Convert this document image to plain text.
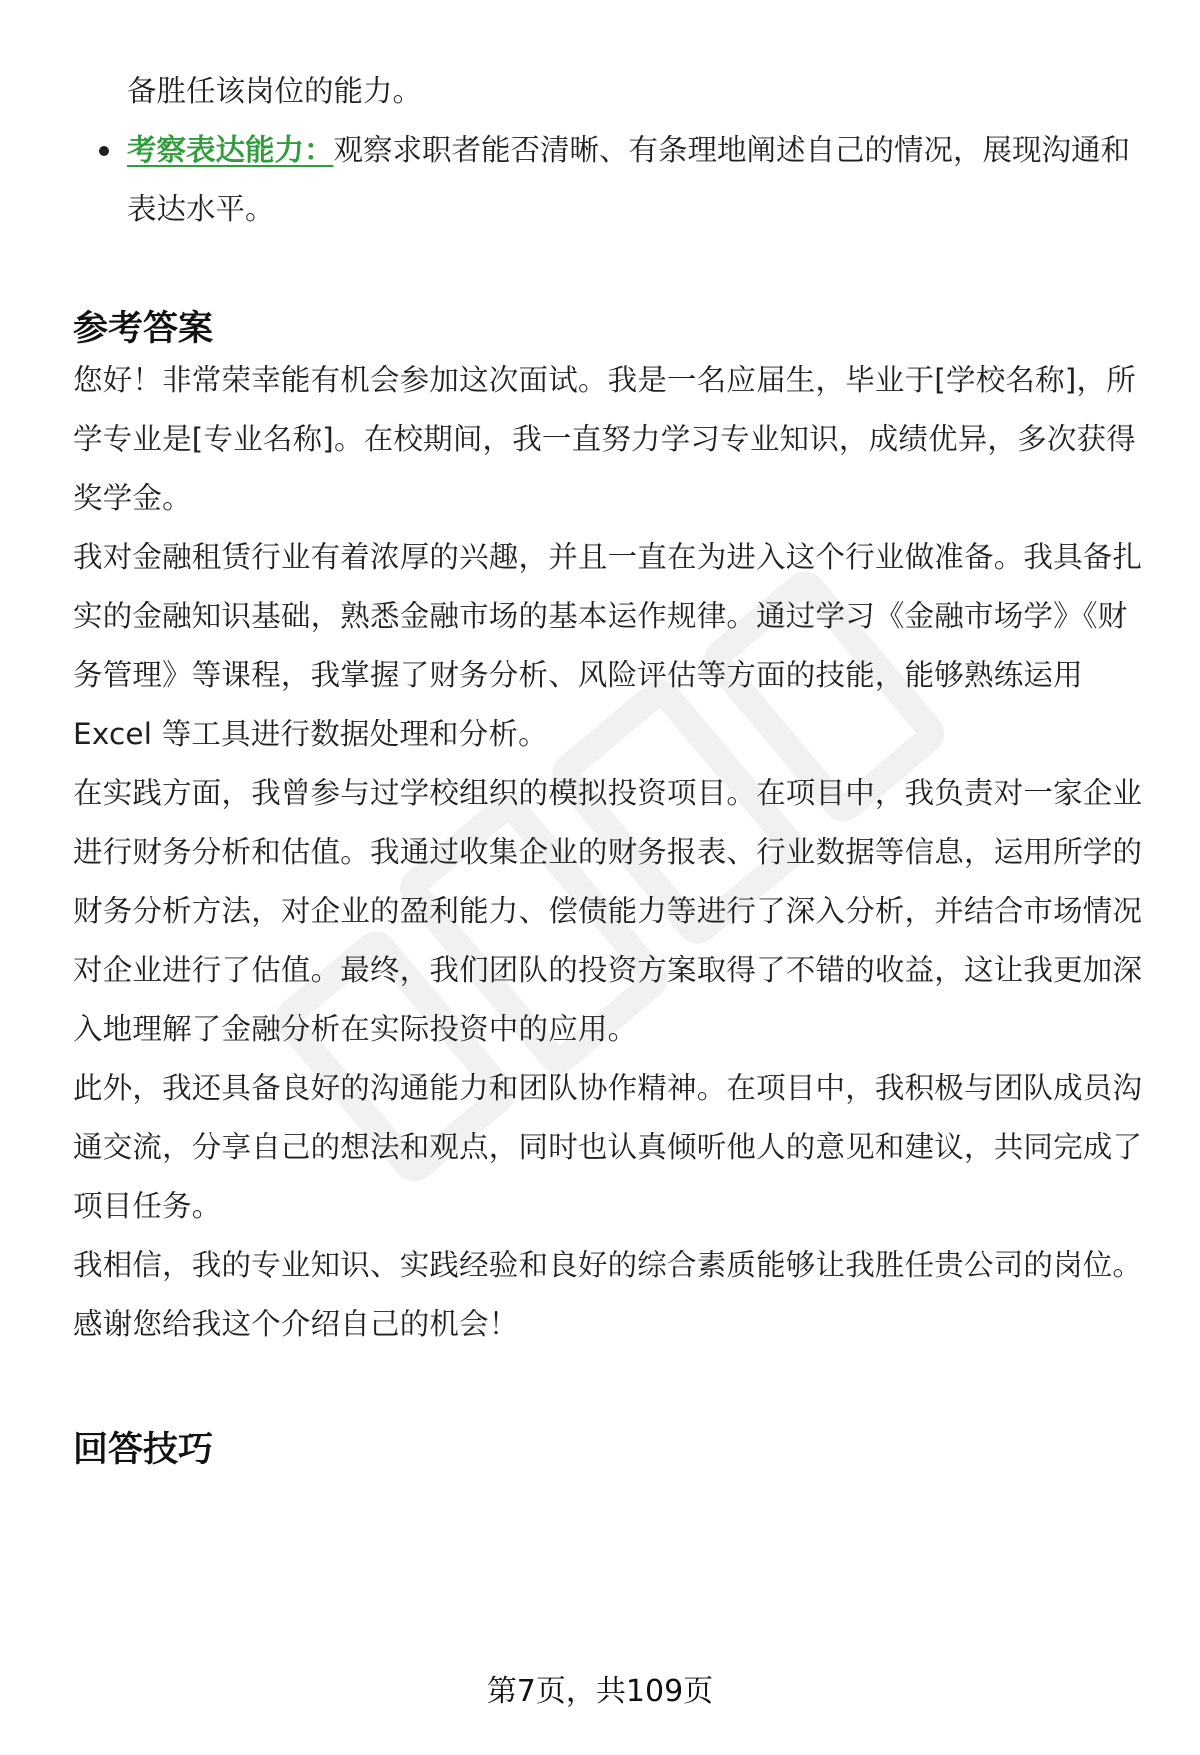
备胜任该岗位的能力。

考察表达能力：观察求职者能否清晰、有条理地阐述自己的情况，展现沟通和表达水平。
参考答案

您好！非常荣幸能有机会参加这次面试。我是一名应届生，毕业于[学校名称]，所学专业是[专业名称]。在校期间，我一直努力学习专业知识，成绩优异，多次获得奖学金。

我对金融租赁行业有着浓厚的兴趣，并且一直在为进入这个行业做准备。我具备扎实的金融知识基础，熟悉金融市场的基本运作规律。通过学习《金融市场学》《财务管理》等课程，我掌握了财务分析、风险评估等方面的技能，能够熟练运用 Excel 等工具进行数据处理和分析。

在实践方面，我曾参与过学校组织的模拟投资项目。在项目中，我负责对一家企业进行财务分析和估值。我通过收集企业的财务报表、行业数据等信息，运用所学的财务分析方法，对企业的盈利能力、偿债能力等进行了深入分析，并结合市场情况对企业进行了估值。最终，我们团队的投资方案取得了不错的收益，这让我更加深入地理解了金融分析在实际投资中的应用。

此外，我还具备良好的沟通能力和团队协作精神。在项目中，我积极与团队成员沟通交流，分享自己的想法和观点，同时也认真倾听他人的意见和建议，共同完成了项目任务。

我相信，我的专业知识、实践经验和良好的综合素质能够让我胜任贵公司的岗位。感谢您给我这个介绍自己的机会！

回答技巧
第7页，共109页
